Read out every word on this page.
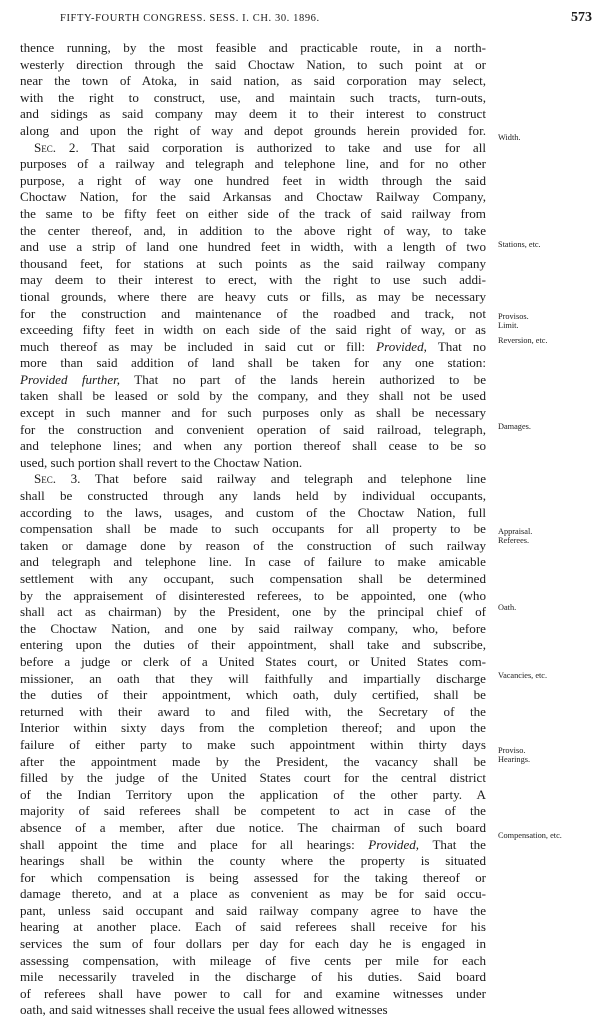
FIFTY-FOURTH CONGRESS. SESS. I. CH. 30. 1896.	573
thence running, by the most feasible and practicable route, in a north-
westerly direction through the said Choctaw Nation, to such point at or
near the town of Atoka, in said nation, as said corporation may select,
with the right to construct, use, and maintain such tracts, turn-outs,
and sidings as said company may deem it to their interest to construct
along and upon the right of way and depot grounds herein provided for.
Sec. 2. That said corporation is authorized to take and use for all
purposes of a railway and telegraph and telephone line, and for no other
purpose, a right of way one hundred feet in width through the said
Choctaw Nation, for the said Arkansas and Choctaw Railway Company,
the same to be fifty feet on either side of the track of said railway from
the center thereof, and, in addition to the above right of way, to take
and use a strip of land one hundred feet in width, with a length of two
thousand feet, for stations at such points as the said railway company
may deem to their interest to erect, with the right to use such addi-
tional grounds, where there are heavy cuts or fills, as may be necessary
for the construction and maintenance of the roadbed and track, not
exceeding fifty feet in width on each side of the said right of way, or as
much thereof as may be included in said cut or fill: Provided, That no
more than said addition of land shall be taken for any one station:
Provided further, That no part of the lands herein authorized to be
taken shall be leased or sold by the company, and they shall not be used
except in such manner and for such purposes only as shall be necessary
for the construction and convenient operation of said railroad, telegraph,
and telephone lines; and when any portion thereof shall cease to be so
used, such portion shall revert to the Choctaw Nation.
Sec. 3. That before said railway and telegraph and telephone line
shall be constructed through any lands held by individual occupants,
according to the laws, usages, and custom of the Choctaw Nation, full
compensation shall be made to such occupants for all property to be
taken or damage done by reason of the construction of such railway
and telegraph and telephone line. In case of failure to make amicable
settlement with any occupant, such compensation shall be determined
by the appraisement of disinterested referees, to be appointed, one (who
shall act as chairman) by the President, one by the principal chief of
the Choctaw Nation, and one by said railway company, who, before
entering upon the duties of their appointment, shall take and subscribe,
before a judge or clerk of a United States court, or United States com-
missioner, an oath that they will faithfully and impartially discharge
the duties of their appointment, which oath, duly certified, shall be
returned with their award to and filed with, the Secretary of the
Interior within sixty days from the completion thereof; and upon the
failure of either party to make such appointment within thirty days
after the appointment made by the President, the vacancy shall be
filled by the judge of the United States court for the central district
of the Indian Territory upon the application of the other party. A
majority of said referees shall be competent to act in case of the
absence of a member, after due notice. The chairman of such board
shall appoint the time and place for all hearings: Provided, That the
hearings shall be within the county where the property is situated
for which compensation is being assessed for the taking thereof or
damage thereto, and at a place as convenient as may be for said occu-
pant, unless said occupant and said railway company agree to have the
hearing at another place. Each of said referees shall receive for his
services the sum of four dollars per day for each day he is engaged in
assessing compensation, with mileage of five cents per mile for each
mile necessarily traveled in the discharge of his duties. Said board
of referees shall have power to call for and examine witnesses under
oath, and said witnesses shall receive the usual fees allowed witnesses
Width.
Stations, etc.
Provisos.
Limit.
Reversion, etc.
Damages.
Appraisal.
Referees.
Oath.
Vacancies, etc.
Proviso.
Hearings.
Compensation, etc.
